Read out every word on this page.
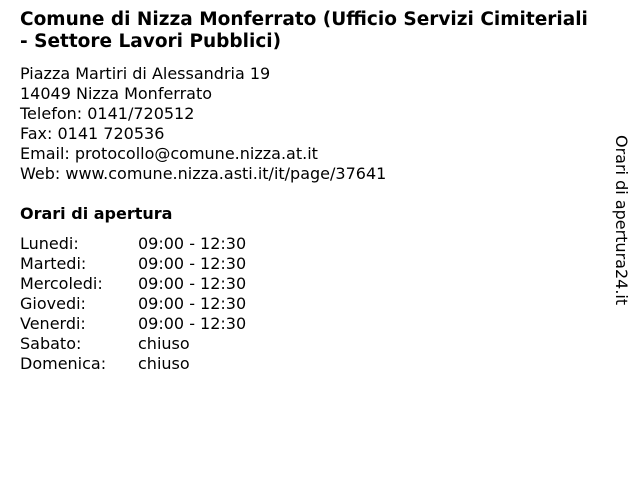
Comune di Nizza Monferrato (Ufficio Servizi Cimiteriali - Settore Lavori Pubblici)
Piazza Martiri di Alessandria 19
14049 Nizza Monferrato
Telefon: 0141/720512
Fax: 0141 720536
Email: protocollo@comune.nizza.at.it
Web: www.comune.nizza.asti.it/it/page/37641
Orari di apertura
Lunedi:	09:00 - 12:30
Martedi:	09:00 - 12:30
Mercoledi:	09:00 - 12:30
Giovedi:	09:00 - 12:30
Venerdi:	09:00 - 12:30
Sabato:	chiuso
Domenica:	chiuso
Orari di apertura24.it
